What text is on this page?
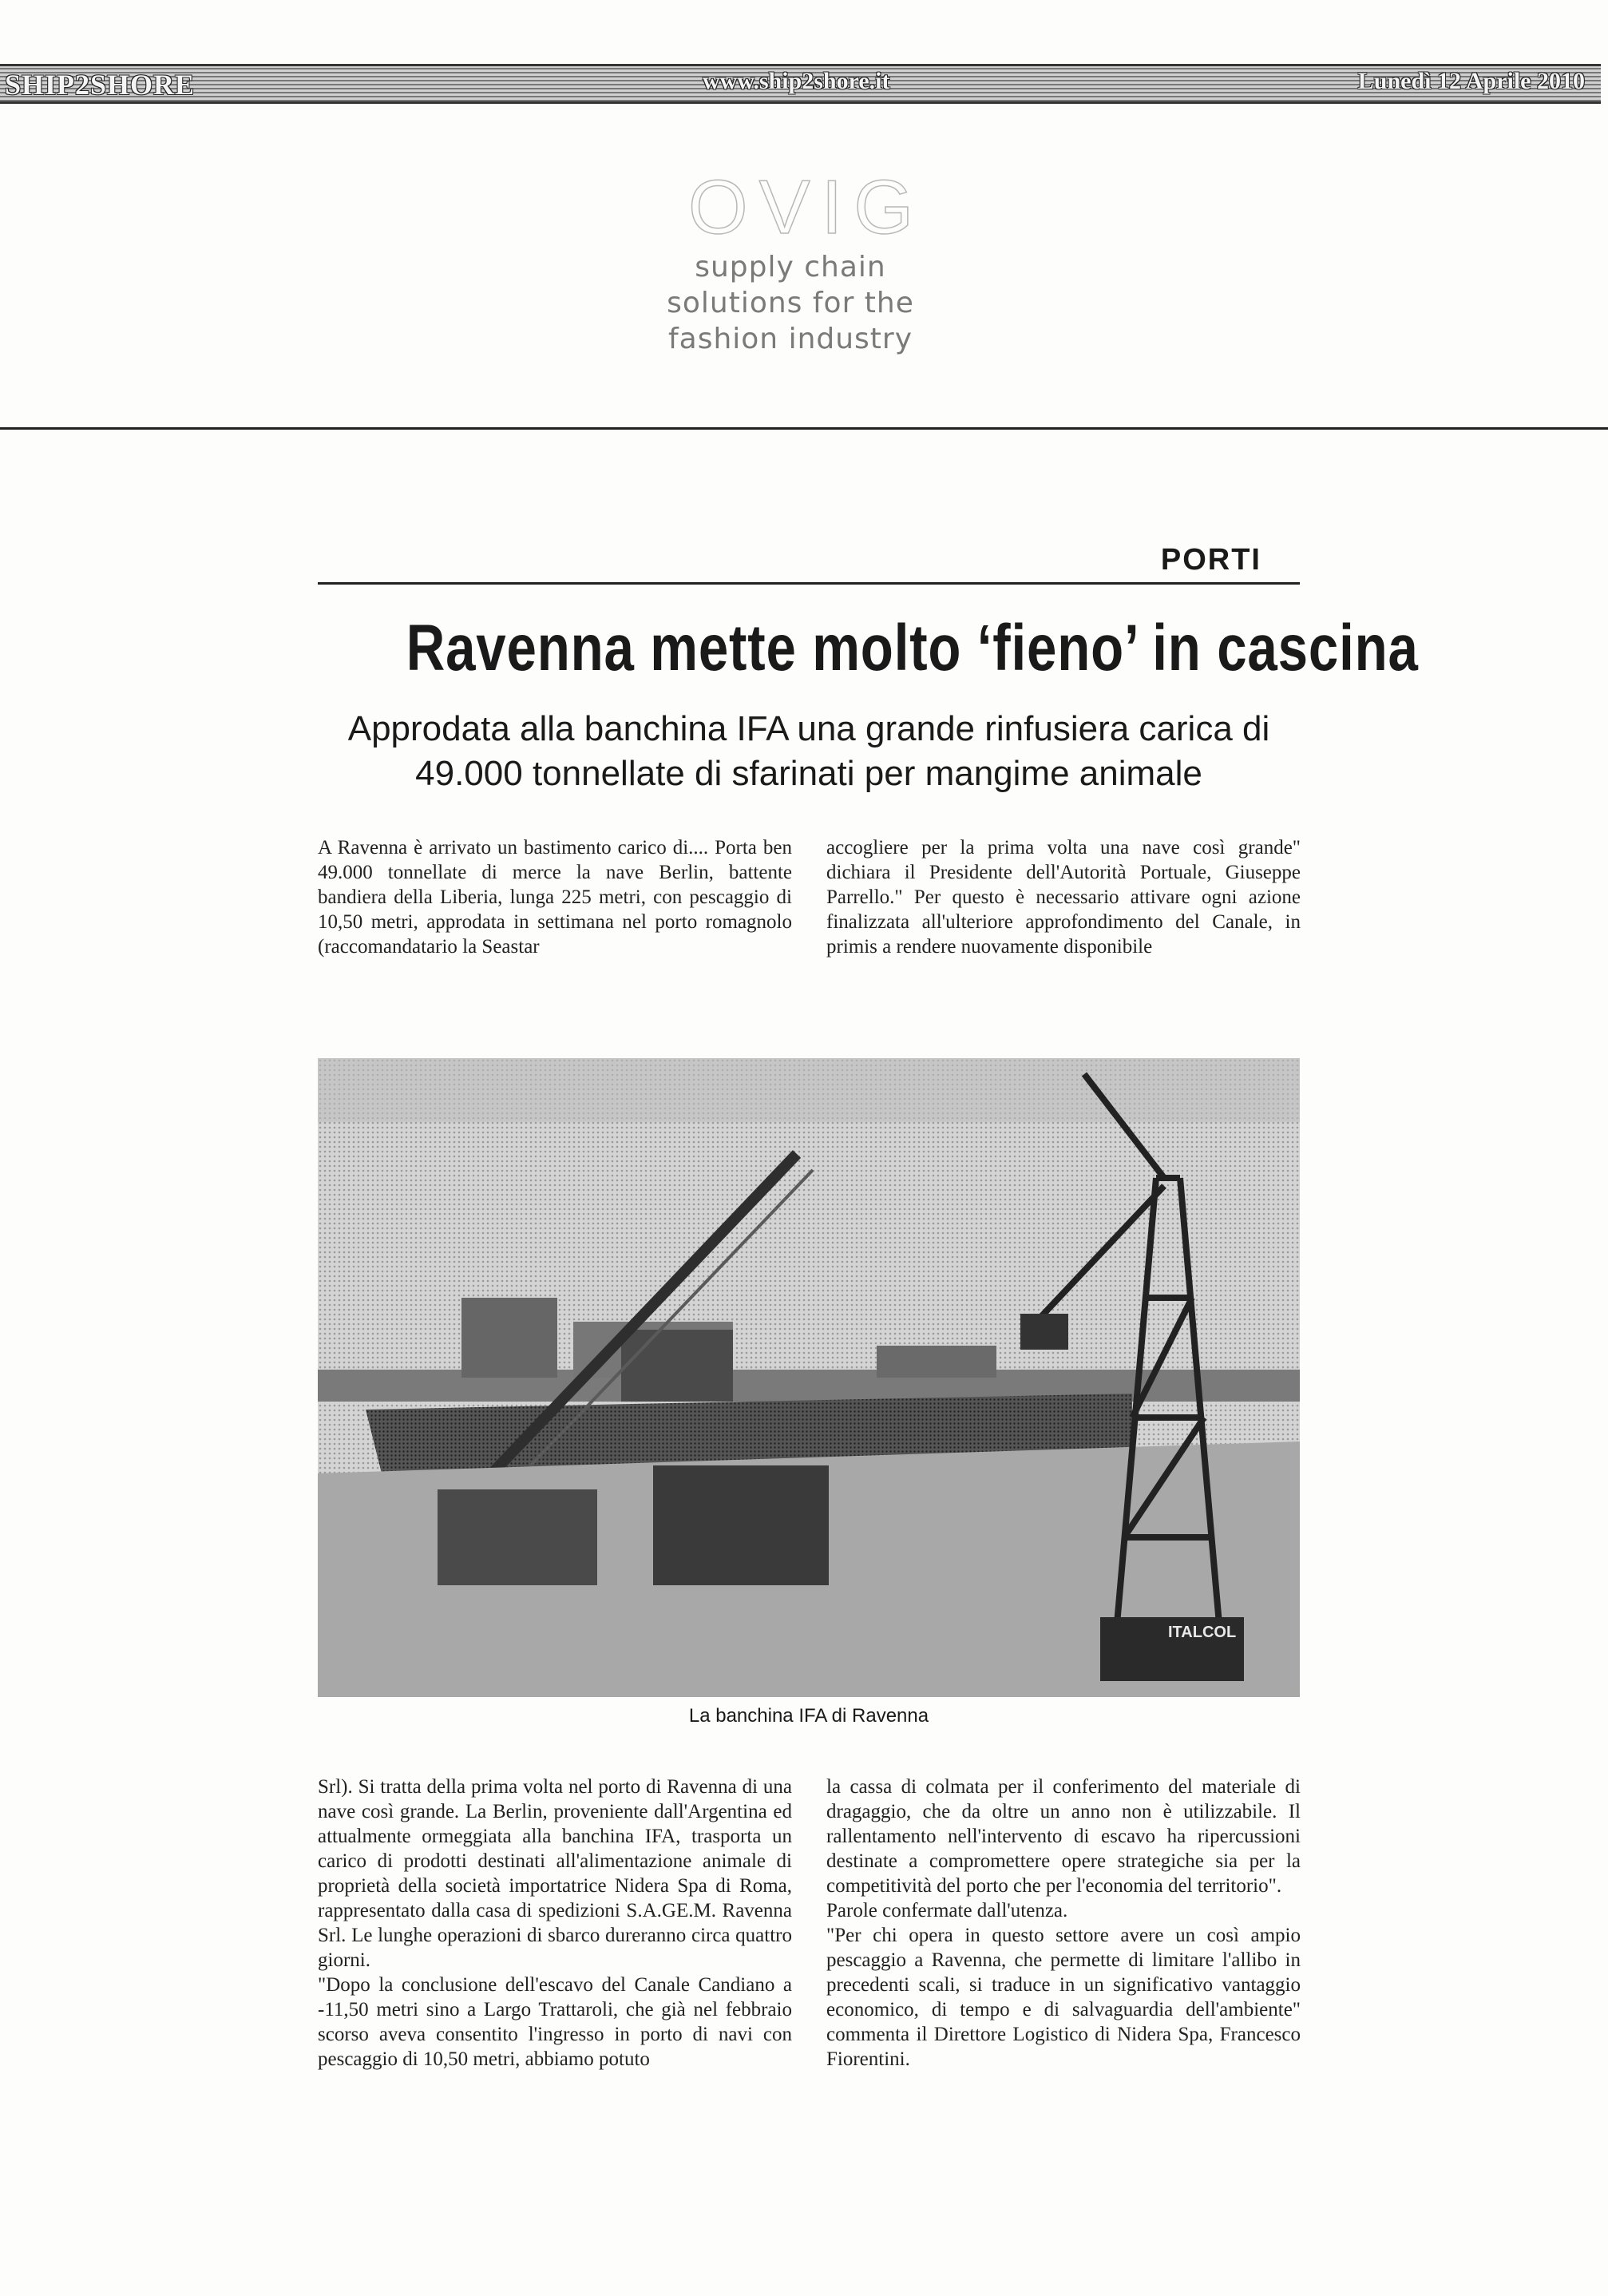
SHIP2SHORE	www.ship2shore.it	Lunedì 12 Aprile 2010
OVIG
supply chain
solutions for the
fashion industry
PORTI
Ravenna mette molto ‘fieno’ in cascina
Approdata alla banchina IFA una grande rinfusiera carica di 49.000 tonnellate di sfarinati per mangime animale

A Ravenna è arrivato un bastimento carico di.... Porta ben 49.000 tonnellate di merce la nave Berlin, battente bandiera della Liberia, lunga 225 metri, con pescaggio di 10,50 metri, approdata in settimana nel porto romagnolo (raccomandatario la Seastar

accogliere per la prima volta una nave così grande" dichiara il Presidente dell'Autorità Portuale, Giuseppe Parrello." Per questo è necessario attivare ogni azione finalizzata all'ulteriore approfondimento del Canale, in primis a rendere nuovamente disponibile

ITALCOL
La banchina IFA di Ravenna

Srl). Si tratta della prima volta nel porto di Ravenna di una nave così grande. La Berlin, proveniente dall'Argentina ed attualmente ormeggiata alla banchina IFA, trasporta un carico di prodotti destinati all'alimentazione animale di proprietà della società importatrice Nidera Spa di Roma, rappresentato dalla casa di spedizioni S.A.GE.M. Ravenna Srl. Le lunghe operazioni di sbarco dureranno circa quattro giorni.

"Dopo la conclusione dell'escavo del Canale Candiano a -11,50 metri sino a Largo Trattaroli, che già nel febbraio scorso aveva consentito l'ingresso in porto di navi con pescaggio di 10,50 metri, abbiamo potuto

la cassa di colmata per il conferimento del materiale di dragaggio, che da oltre un anno non è utilizzabile. Il rallentamento nell'intervento di escavo ha ripercussioni destinate a compromettere opere strategiche sia per la competitività del porto che per l'economia del territorio".

Parole confermate dall'utenza.

"Per chi opera in questo settore avere un così ampio pescaggio a Ravenna, che permette di limitare l'allibo in precedenti scali, si traduce in un significativo vantaggio economico, di tempo e di salvaguardia dell'ambiente" commenta il Direttore Logistico di Nidera Spa, Francesco Fiorentini.
